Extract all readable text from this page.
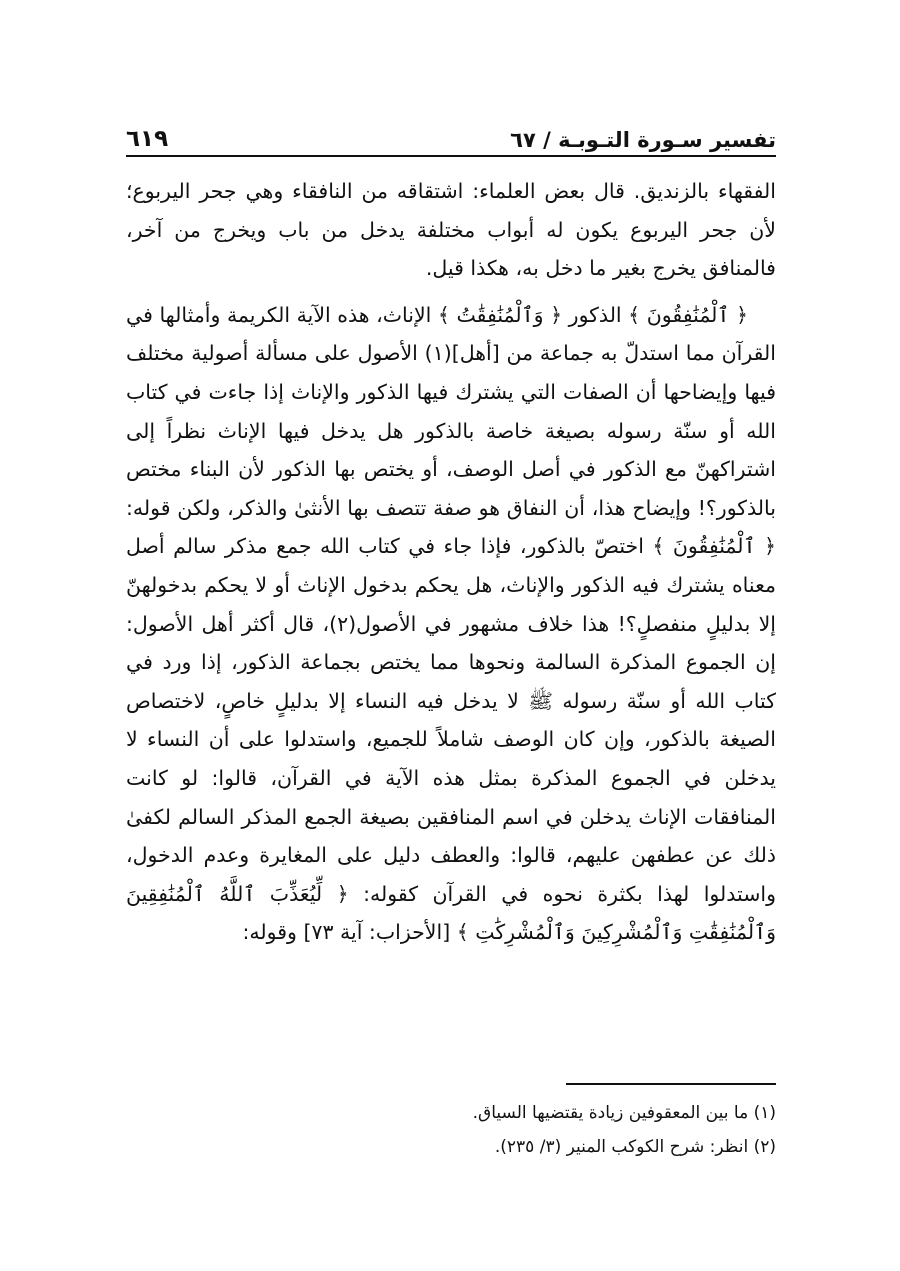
تفسير سـورة التـوبـة / ٦٧
٦١٩

الفقهاء بالزنديق. قال بعض العلماء: اشتقاقه من النافقاء وهي جحر اليربوع؛ لأن جحر اليربوع يكون له أبواب مختلفة يدخل من باب ويخرج من آخر، فالمنافق يخرج بغير ما دخل به، هكذا قيل.

﴿ ٱلْمُنَٰفِقُونَ ﴾ الذكور ﴿ وَٱلْمُنَٰفِقَٰتُ ﴾ الإناث، هذه الآية الكريمة وأمثالها في القرآن مما استدلّ به جماعة من [أهل](١) الأصول على مسألة أصولية مختلف فيها وإيضاحها أن الصفات التي يشترك فيها الذكور والإناث إذا جاءت في كتاب الله أو سنّة رسوله بصيغة خاصة بالذكور هل يدخل فيها الإناث نظراً إلى اشتراكهنّ مع الذكور في أصل الوصف، أو يختص بها الذكور لأن البناء مختص بالذكور؟! وإيضاح هذا، أن النفاق هو صفة تتصف بها الأنثىٰ والذكر، ولكن قوله: ﴿ ٱلْمُنَٰفِقُونَ ﴾ اختصّ بالذكور، فإذا جاء في كتاب الله جمع مذكر سالم أصل معناه يشترك فيه الذكور والإناث، هل يحكم بدخول الإناث أو لا يحكم بدخولهنّ إلا بدليلٍ منفصلٍ؟! هذا خلاف مشهور في الأصول(٢)، قال أكثر أهل الأصول: إن الجموع المذكرة السالمة ونحوها مما يختص بجماعة الذكور، إذا ورد في كتاب الله أو سنّة رسوله ﷺ لا يدخل فيه النساء إلا بدليلٍ خاصٍ، لاختصاص الصيغة بالذكور، وإن كان الوصف شاملاً للجميع، واستدلوا على أن النساء لا يدخلن في الجموع المذكرة بمثل هذه الآية في القرآن، قالوا: لو كانت المنافقات الإناث يدخلن في اسم المنافقين بصيغة الجمع المذكر السالم لكفىٰ ذلك عن عطفهن عليهم، قالوا: والعطف دليل على المغايرة وعدم الدخول، واستدلوا لهذا بكثرة نحوه في القرآن كقوله: ﴿ لِّيُعَذِّبَ ٱللَّهُ ٱلْمُنَٰفِقِينَ وَٱلْمُنَٰفِقَٰتِ وَٱلْمُشْرِكِينَ وَٱلْمُشْرِكَٰتِ ﴾ [الأحزاب: آية ٧٣] وقوله:

(١) ما بين المعقوفين زيادة يقتضيها السياق.

(٢) انظر: شرح الكوكب المنير (٣/ ٢٣٥).
